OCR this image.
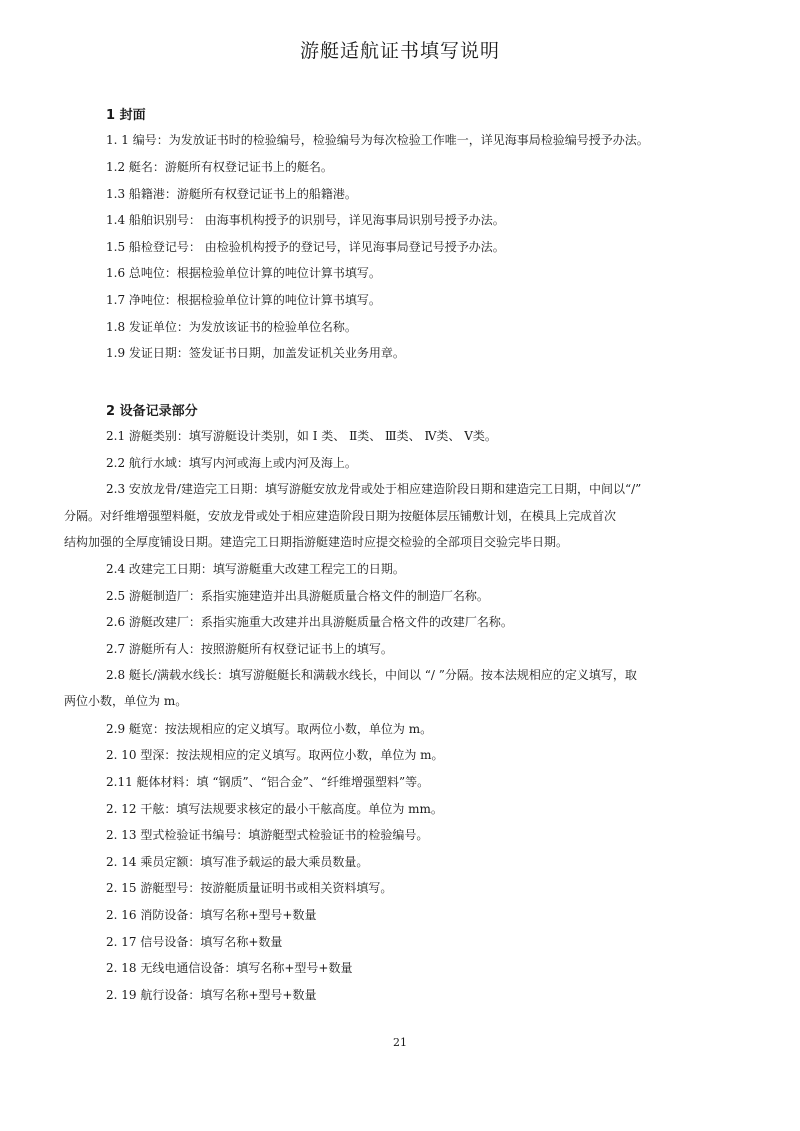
游艇适航证书填写说明
1 封面
1. 1 编号：为发放证书时的检验编号，检验编号为每次检验工作唯一，详见海事局检验编号授予办法。
1.2 艇名：游艇所有权登记证书上的艇名。
1.3 船籍港：游艇所有权登记证书上的船籍港。
1.4 船舶识别号： 由海事机构授予的识别号，详见海事局识别号授予办法。
1.5 船检登记号： 由检验机构授予的登记号，详见海事局登记号授予办法。
1.6 总吨位：根据检验单位计算的吨位计算书填写。
1.7 净吨位：根据检验单位计算的吨位计算书填写。
1.8 发证单位：为发放该证书的检验单位名称。
1.9 发证日期：签发证书日期，加盖发证机关业务用章。
2 设备记录部分
2.1 游艇类别：填写游艇设计类别，如 Ⅰ 类、 Ⅱ类、 Ⅲ类、 Ⅳ类、 Ⅴ类。
2.2 航行水域：填写内河或海上或内河及海上。
2.3 安放龙骨/建造完工日期：填写游艇安放龙骨或处于相应建造阶段日期和建造完工日期，中间以“/”
分隔。对纤维增强塑料艇，安放龙骨或处于相应建造阶段日期为按艇体层压铺敷计划，在模具上完成首次
结构加强的全厚度铺设日期。建造完工日期指游艇建造时应提交检验的全部项目交验完毕日期。
2.4 改建完工日期：填写游艇重大改建工程完工的日期。
2.5 游艇制造厂：系指实施建造并出具游艇质量合格文件的制造厂名称。
2.6 游艇改建厂：系指实施重大改建并出具游艇质量合格文件的改建厂名称。
2.7 游艇所有人：按照游艇所有权登记证书上的填写。
2.8 艇长/满载水线长：填写游艇艇长和满载水线长，中间以 “/ ”分隔。按本法规相应的定义填写，取
两位小数，单位为 m。
2.9 艇宽：按法规相应的定义填写。取两位小数，单位为 m。
2. 10 型深：按法规相应的定义填写。取两位小数，单位为 m。
2.11 艇体材料：填 “钢质”、“铝合金”、“纤维增强塑料”等。
2. 12 干舷：填写法规要求核定的最小干舷高度。单位为 mm。
2. 13 型式检验证书编号：填游艇型式检验证书的检验编号。
2. 14 乘员定额：填写准予载运的最大乘员数量。
2. 15 游艇型号：按游艇质量证明书或相关资料填写。
2. 16 消防设备：填写名称+型号+数量
2. 17 信号设备：填写名称+数量
2. 18 无线电通信设备：填写名称+型号+数量
2. 19 航行设备：填写名称+型号+数量
21
